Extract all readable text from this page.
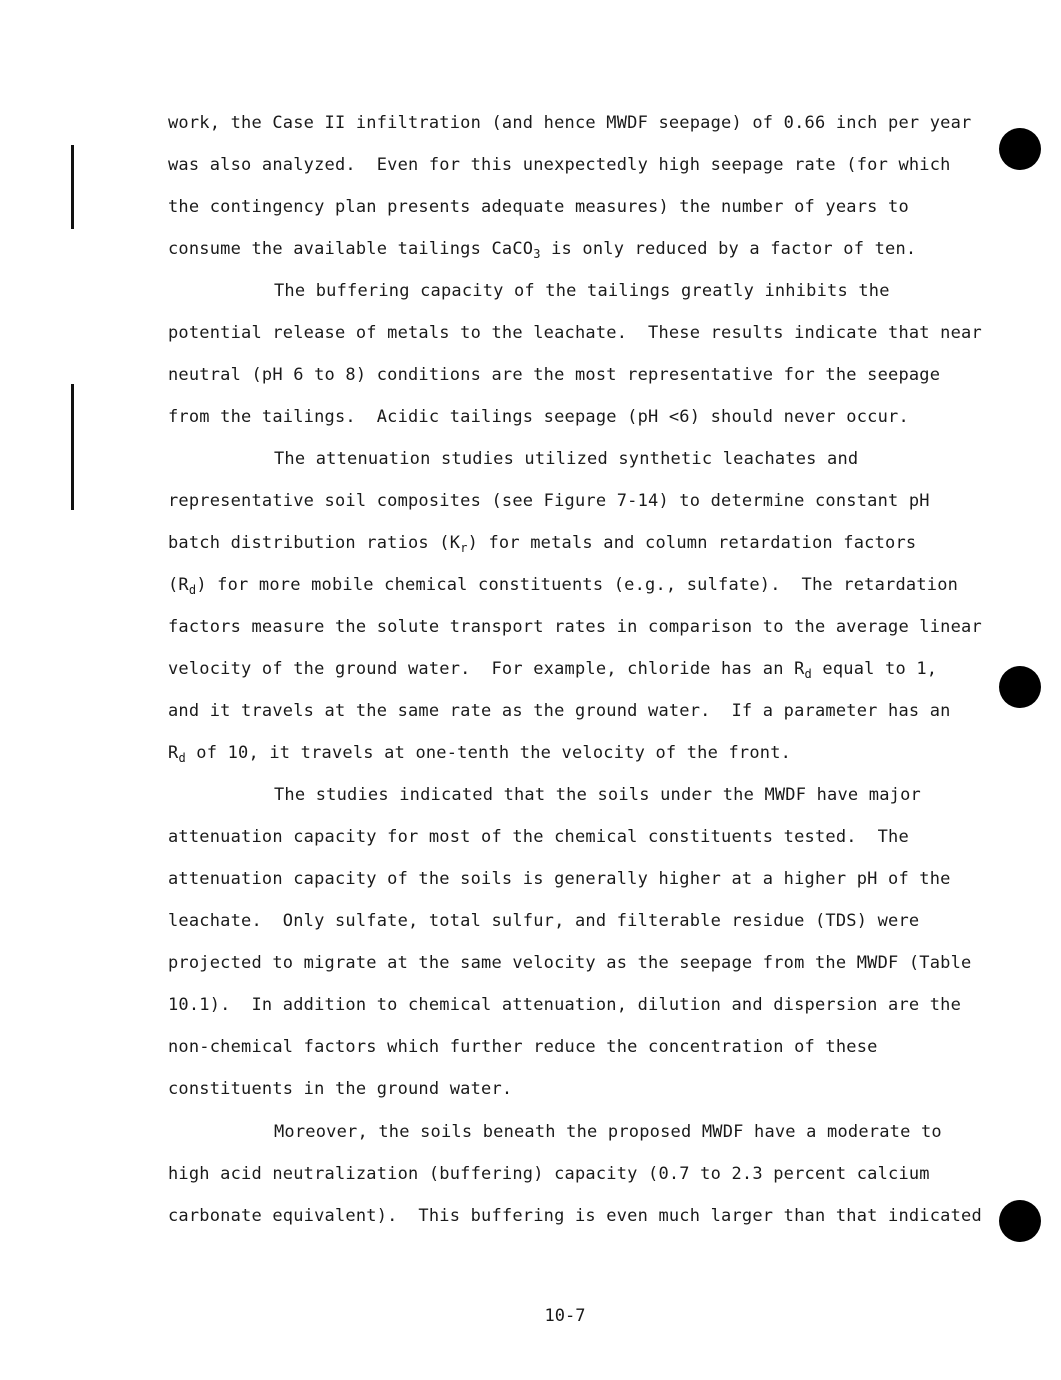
work, the Case II infiltration (and hence MWDF seepage) of 0.66 inch per year
was also analyzed.  Even for this unexpectedly high seepage rate (for which
the contingency plan presents adequate measures) the number of years to
consume the available tailings CaCO$_3$ is only reduced by a factor of ten.
The buffering capacity of the tailings greatly inhibits the
potential release of metals to the leachate.  These results indicate that near
neutral (pH 6 to 8) conditions are the most representative for the seepage
from the tailings.  Acidic tailings seepage (pH <6) should never occur.
The attenuation studies utilized synthetic leachates and
representative soil composites (see Figure 7-14) to determine constant pH
batch distribution ratios $(K_r)$ for metals and column retardation factors
$(R_d)$ for more mobile chemical constituents (e.g., sulfate).  The retardation
factors measure the solute transport rates in comparison to the average linear
velocity of the ground water.  For example, chloride has an $R_d$ equal to 1,
and it travels at the same rate as the ground water.  If a parameter has an
$R_d$ of 10, it travels at one-tenth the velocity of the front.
The studies indicated that the soils under the MWDF have major
attenuation capacity for most of the chemical constituents tested.  The
attenuation capacity of the soils is generally higher at a higher pH of the
leachate.  Only sulfate, total sulfur, and filterable residue (TDS) were
projected to migrate at the same velocity as the seepage from the MWDF (Table
10.1).  In addition to chemical attenuation, dilution and dispersion are the
non-chemical factors which further reduce the concentration of these
constituents in the ground water.
Moreover, the soils beneath the proposed MWDF have a moderate to
high acid neutralization (buffering) capacity (0.7 to 2.3 percent calcium
carbonate equivalent).  This buffering is even much larger than that indicated
10-7
